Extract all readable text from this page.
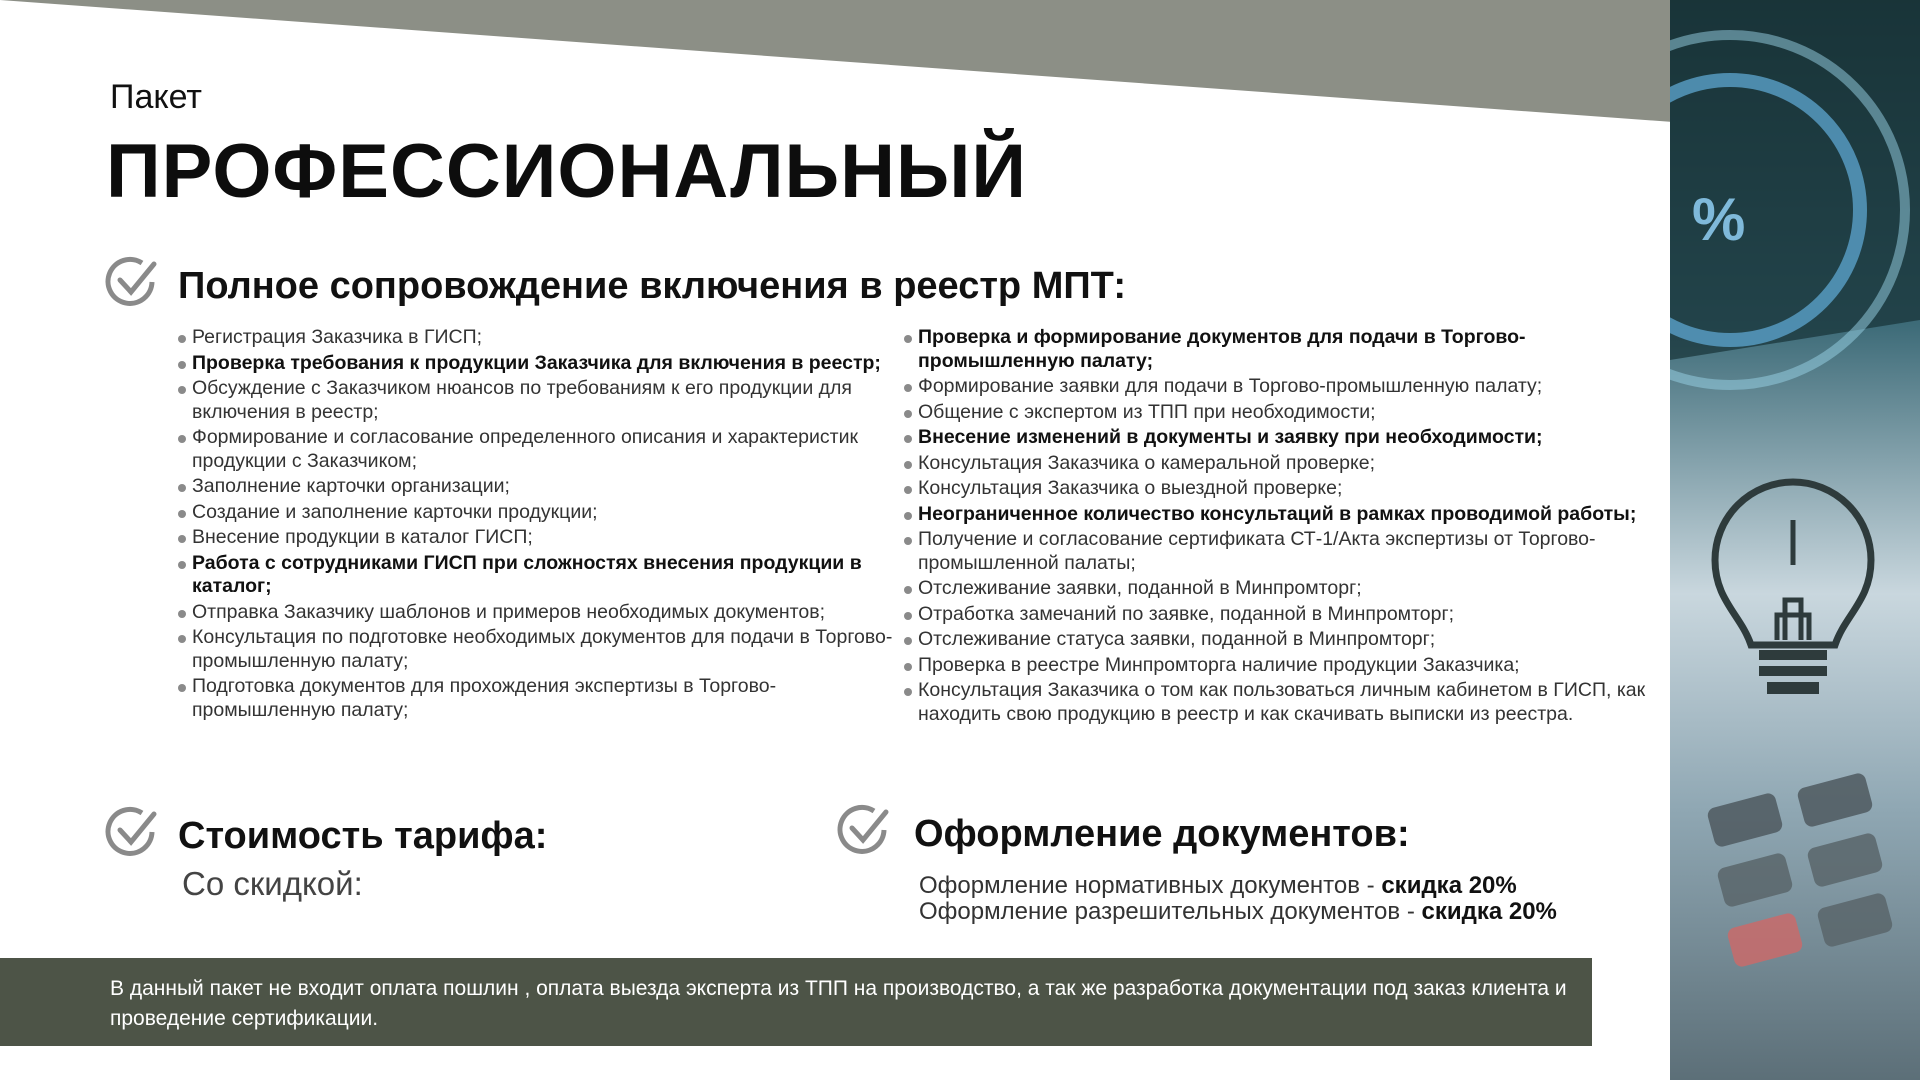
%
Пакет
ПРОФЕССИОНАЛЬНЫЙ
Полное сопровождение включения в реестр МПТ:
Регистрация Заказчика в ГИСП;
Проверка требования к продукции Заказчика для включения в реестр;
Обсуждение с Заказчиком нюансов по требованиям к его продукции для включения в реестр;
Формирование и согласование определенного описания и характеристик продукции с Заказчиком;
Заполнение карточки организации;
Создание и заполнение карточки продукции;
Внесение продукции в каталог ГИСП;
Работа с сотрудниками ГИСП при сложностях внесения продукции в каталог;
Отправка Заказчику шаблонов и примеров необходимых документов;
Консультация по подготовке необходимых документов для подачи в Торгово-промышленную палату;
Подготовка документов для прохождения экспертизы в Торгово-промышленную палату;
Проверка и формирование документов для подачи в Торгово-промышленную палату;
Формирование заявки для подачи в Торгово-промышленную палату;
Общение с экспертом из ТПП при необходимости;
Внесение изменений в документы и заявку при необходимости;
Консультация Заказчика о камеральной проверке;
Консультация Заказчика о выездной проверке;
Неограниченное количество консультаций в рамках проводимой работы;
Получение и согласование сертификата СТ-1/Акта экспертизы от Торгово-промышленной палаты;
Отслеживание заявки, поданной в Минпромторг;
Отработка замечаний по заявке, поданной в Минпромторг;
Отслеживание статуса заявки, поданной в Минпромторг;
Проверка в реестре Минпромторга наличие продукции Заказчика;
Консультация Заказчика о том как пользоваться личным кабинетом в ГИСП, как находить свою продукцию в реестр и как скачивать выписки из реестра.
Стоимость тарифа:
Со скидкой:
Оформление документов:
Оформление нормативных документов - скидка 20%
Оформление разрешительных документов - скидка 20%
В данный пакет не входит оплата пошлин , оплата выезда эксперта из ТПП на производство, а так же разработка документации под заказ клиента и проведение сертификации.
